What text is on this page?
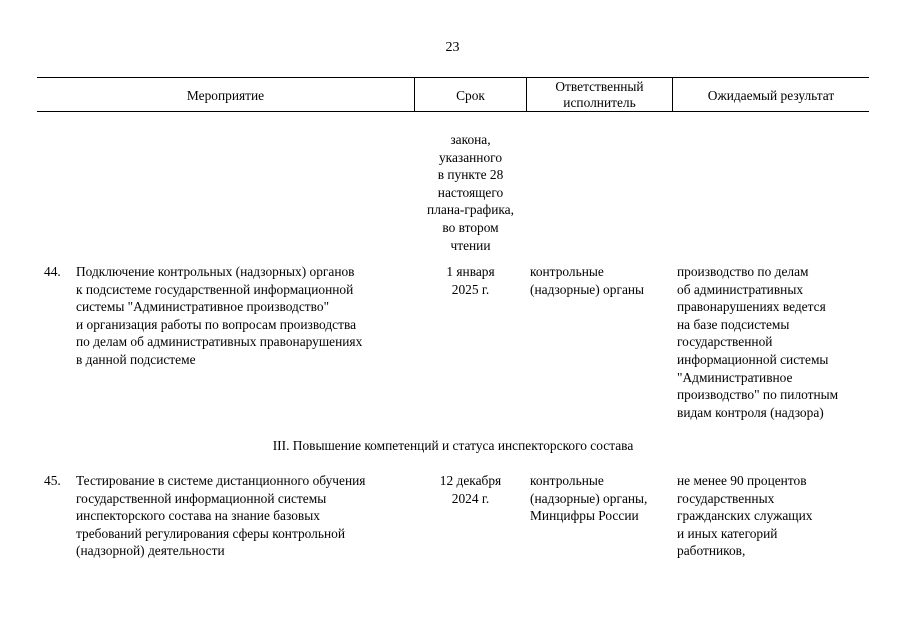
23
Мероприятие	Срок
Ответственный
исполнитель	Ожидаемый результат
закона,
указанного
в пункте 28
настоящего
плана-графика,
во втором
чтении
44. Подключение контрольных (надзорных) органов
к подсистеме государственной информационной
системы "Административное производство"
и организация работы по вопросам производства
по делам об административных правонарушениях
в данной подсистеме
1 января
2025 г.
контрольные
(надзорные) органы
производство по делам
об административных
правонарушениях ведется
на базе подсистемы
государственной
информационной системы
"Административное
производство" по пилотным
видам контроля (надзора)
III. Повышение компетенций и статуса инспекторского состава
45. Тестирование в системе дистанционного обучения
государственной информационной системы
инспекторского состава на знание базовых
требований регулирования сферы контрольной
(надзорной) деятельности
12 декабря
2024 г.
контрольные
(надзорные) органы,
Минцифры России
не менее 90 процентов
государственных
гражданских служащих
и иных категорий
работников,
